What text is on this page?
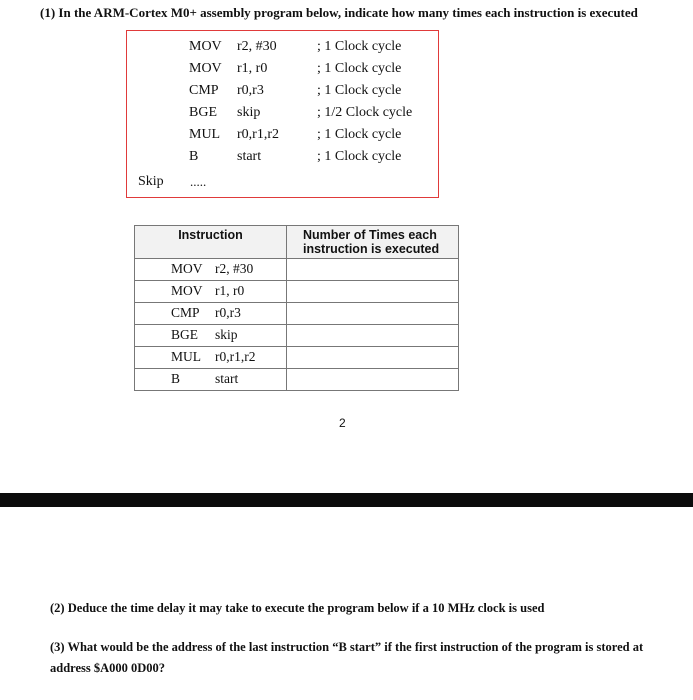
(1) In the ARM-Cortex M0+ assembly program below, indicate how many times each instruction is executed
MOV r2, #30	; 1 Clock cycle
MOV r1, r0	; 1 Clock cycle
CMP r0,r3	; 1 Clock cycle
BGE skip	; 1/2 Clock cycle
MUL r0,r1,r2	; 1 Clock cycle
B	start	; 1 Clock cycle
Skip .....
Instruction	Number of Times each instruction is executed

MOV r2, #30	

MOV r1, r0	

CMP r0,r3	

BGE skip	

MUL r0,r1,r2	

B start	

2
(2) Deduce the time delay it may take to execute the program below if a 10 MHz clock is used
(3) What would be the address of the last instruction “B start” if the first instruction of the program is stored at address $A000 0D00?
